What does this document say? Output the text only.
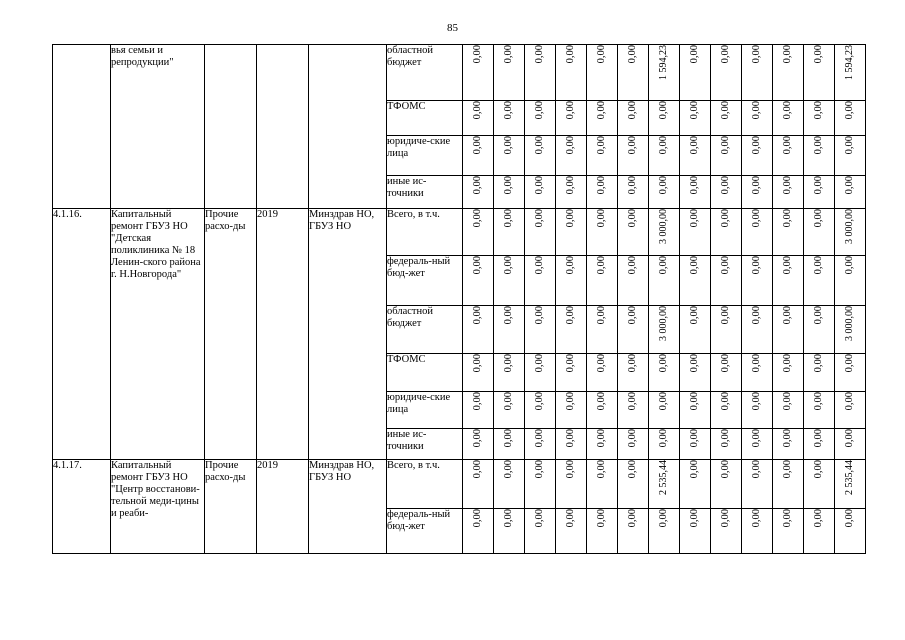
85
	вья семьи и репродукции"				областной бюджет	0,00	0,00	0,00	0,00	0,00	0,00	1 594,23	0,00	0,00	0,00	0,00	0,00	1 594,23
					ТФОМС	0,00	0,00	0,00	0,00	0,00	0,00	0,00	0,00	0,00	0,00	0,00	0,00	0,00
					юридиче-ские лица	0,00	0,00	0,00	0,00	0,00	0,00	0,00	0,00	0,00	0,00	0,00	0,00	0,00
					иные ис-точники	0,00	0,00	0,00	0,00	0,00	0,00	0,00	0,00	0,00	0,00	0,00	0,00	0,00
4.1.16.	Капитальный ремонт ГБУЗ НО "Детская поликлиника № 18 Ленин-ского района г. Н.Новгорода"	Прочие расхо-ды	2019	Минздрав НО, ГБУЗ НО	Всего, в т.ч.	0,00	0,00	0,00	0,00	0,00	0,00	3 000,00	0,00	0,00	0,00	0,00	0,00	3 000,00
					федераль-ный бюд-жет	0,00	0,00	0,00	0,00	0,00	0,00	0,00	0,00	0,00	0,00	0,00	0,00	0,00
					областной бюджет	0,00	0,00	0,00	0,00	0,00	0,00	3 000,00	0,00	0,00	0,00	0,00	0,00	3 000,00
					ТФОМС	0,00	0,00	0,00	0,00	0,00	0,00	0,00	0,00	0,00	0,00	0,00	0,00	0,00
					юридиче-ские лица	0,00	0,00	0,00	0,00	0,00	0,00	0,00	0,00	0,00	0,00	0,00	0,00	0,00
					иные ис-точники	0,00	0,00	0,00	0,00	0,00	0,00	0,00	0,00	0,00	0,00	0,00	0,00	0,00
4.1.17.	Капитальный ремонт ГБУЗ НО "Центр восстанови-тельной меди-цины и реаби-	Прочие расхо-ды	2019	Минздрав НО, ГБУЗ НО	Всего, в т.ч.	0,00	0,00	0,00	0,00	0,00	0,00	2 535,44	0,00	0,00	0,00	0,00	0,00	2 535,44
					федераль-ный бюд-жет	0,00	0,00	0,00	0,00	0,00	0,00	0,00	0,00	0,00	0,00	0,00	0,00	0,00
